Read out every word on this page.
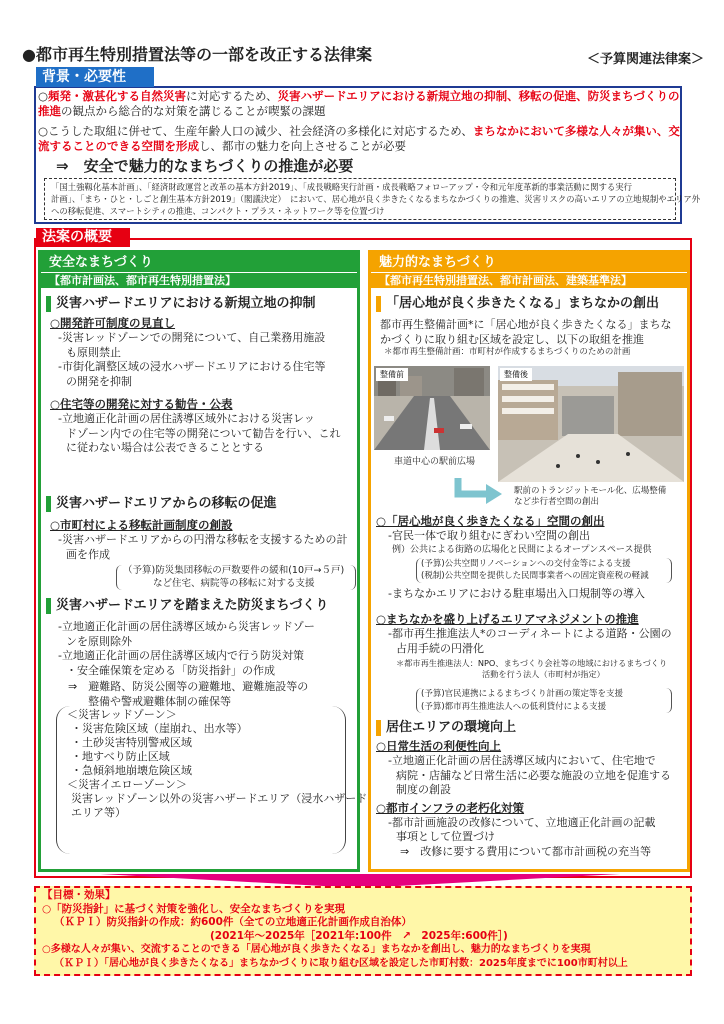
●都市再生特別措置法等の一部を改正する法律案	＜予算関連法律案＞
背景・必要性
○頻発・激甚化する自然災害に対応するため、災害ハザードエリアにおける新規立地の抑制、移転の促進、防災まちづくりの推進の観点から総合的な対策を講じることが喫緊の課題
○こうした取組に併せて、生産年齢人口の減少、社会経済の多様化に対応するため、まちなかにおいて多様な人々が集い、交流することのできる空間を形成し、都市の魅力を向上させることが必要
⇒　安全で魅力的なまちづくりの推進が必要
「国土強靱化基本計画」、「経済財政運営と改革の基本方針2019」、「成長戦略実行計画・成長戦略フォローアップ・令和元年度革新的事業活動に関する実行
計画」、「まち・ひと・しごと創生基本方針2019」（閣議決定）　において、居心地が良く歩きたくなるまちなかづくりの推進、災害リスクの高いエリアの立地規制やエリア外
への移転促進、スマートシティの推進、コンパクト・プラス・ネットワーク等を位置づけ
法案の概要
安全なまちづくり
【都市計画法、都市再生特別措置法】
災害ハザードエリアにおける新規立地の抑制
○開発許可制度の見直し
-災害レッドゾーンでの開発について、自己業務用施設
も原則禁止
-市街化調整区域の浸水ハザードエリアにおける住宅等
の開発を抑制
○住宅等の開発に対する勧告・公表
-立地適正化計画の居住誘導区域外における災害レッ
ドゾーン内での住宅等の開発について勧告を行い、これ
に従わない場合は公表できることとする
災害ハザードエリアからの移転の促進
○市町村による移転計画制度の創設
-災害ハザードエリアからの円滑な移転を支援するための計
画を作成
（予算)防災集団移転の戸数要件の緩和(10戸→５戸)
など住宅、病院等の移転に対する支援
災害ハザードエリアを踏まえた防災まちづくり
-立地適正化計画の居住誘導区域から災害レッドゾー
ンを原則除外
-立地適正化計画の居住誘導区域内で行う防災対策
・安全確保策を定める「防災指針」の作成
⇒　避難路、防災公園等の避難地、避難施設等の
整備や警戒避難体制の確保等
＜災害レッドゾーン＞
・災害危険区域（崖崩れ、出水等）
・土砂災害特別警戒区域
・地すべり防止区域
・急傾斜地崩壊危険区域
＜災害イエローゾーン＞
災害レッドゾーン以外の災害ハザードエリア（浸水ハザード
エリア等）
魅力的なまちづくり
【都市再生特別措置法、都市計画法、建築基準法】
「居心地が良く歩きたくなる」まちなかの創出
都市再生整備計画*に「居心地が良く歩きたくなる」まちな
かづくりに取り組む区域を設定し、以下の取組を推進
＊都市再生整備計画：市町村が作成するまちづくりのための計画
整備前
車道中心の駅前広場
整備後
駅前のトランジットモール化、広場整備
など歩行者空間の創出
○「居心地が良く歩きたくなる」空間の創出
-官民一体で取り組むにぎわい空間の創出
例）公共による街路の広場化と民間によるオープンスペース提供
(予算)公共空間リノベーションへの交付金等による支援
(税制)公共空間を提供した民間事業者への固定資産税の軽減
-まちなかエリアにおける駐車場出入口規制等の導入
○まちなかを盛り上げるエリアマネジメントの推進
-都市再生推進法人*のコーディネートによる道路・公園の
占用手続の円滑化
＊都市再生推進法人：NPO、まちづくり会社等の地域におけるまちづくり
活動を行う法人（市町村が指定）
(予算)官民連携によるまちづくり計画の策定等を支援
(予算)都市再生推進法人への低利貸付による支援
居住エリアの環境向上
○日常生活の利便性向上
-立地適正化計画の居住誘導区域内において、住宅地で
病院・店舗など日常生活に必要な施設の立地を促進する
制度の創設
○都市インフラの老朽化対策
-都市計画施設の改修について、立地適正化計画の記載
事項として位置づけ
⇒　改修に要する費用について都市計画税の充当等
【目標・効果】
○「防災指針」に基づく対策を強化し、安全なまちづくりを実現
（ＫＰＩ）防災指針の作成：約600件（全ての立地適正化計画作成自治体）
(2021年～2025年［2021年:100件　↗　2025年:600件］)
○多様な人々が集い、交流することのできる「居心地が良く歩きたくなる」まちなかを創出し、魅力的なまちづくりを実現
（ＫＰＩ）「居心地が良く歩きたくなる」まちなかづくりに取り組む区域を設定した市町村数：2025年度までに100市町村以上
